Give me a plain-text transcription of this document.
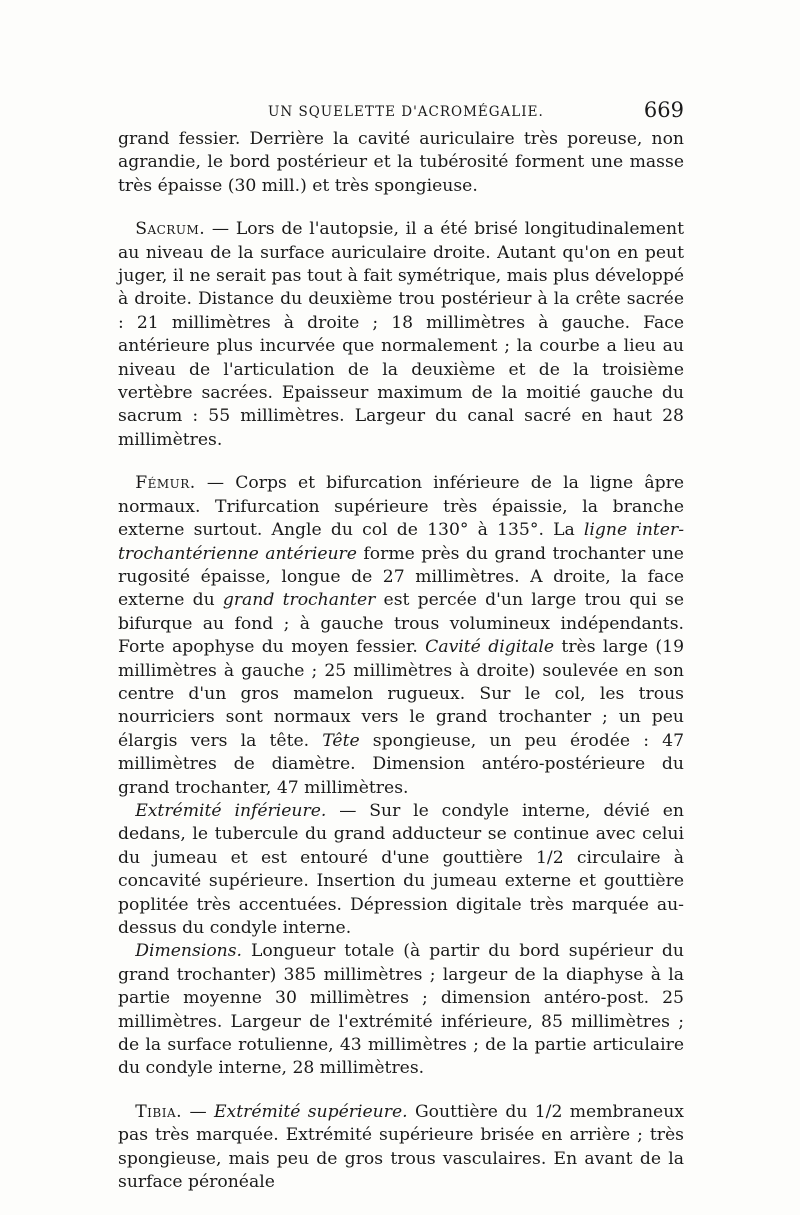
UN SQUELETTE D'ACROMÉGALIE.	669

grand fessier. Derrière la cavité auriculaire très poreuse, non agrandie, le bord postérieur et la tubérosité forment une masse très épaisse (30 mill.) et très spongieuse.

 Sacrum. — Lors de l'autopsie, il a été brisé longitudinalement au niveau de la surface auriculaire droite. Autant qu'on en peut juger, il ne serait pas tout à fait symétrique, mais plus développé à droite. Distance du deuxième trou postérieur à la crête sacrée : 21 millimètres à droite ; 18 millimètres à gauche. Face antérieure plus incurvée que normalement ; la courbe a lieu au niveau de l'articulation de la deuxième et de la troisième vertèbre sacrées. Epaisseur maximum de la moitié gauche du sacrum : 55 millimètres. Largeur du canal sacré en haut 28 millimètres.

 Fémur. — Corps et bifurcation inférieure de la ligne âpre normaux. Trifurcation supérieure très épaissie, la branche externe surtout. Angle du col de 130° à 135°. La ligne inter-trochantérienne antérieure forme près du grand trochanter une rugosité épaisse, longue de 27 millimètres. A droite, la face externe du grand trochanter est percée d'un large trou qui se bifurque au fond ; à gauche trous volumineux indépendants. Forte apophyse du moyen fessier. Cavité digitale très large (19 millimètres à gauche ; 25 millimètres à droite) soulevée en son centre d'un gros mamelon rugueux. Sur le col, les trous nourriciers sont normaux vers le grand trochanter ; un peu élargis vers la tête. Tête spongieuse, un peu érodée : 47 millimètres de diamètre. Dimension antéro-postérieure du grand trochanter, 47 millimètres.

 Extrémité inférieure. — Sur le condyle interne, dévié en dedans, le tubercule du grand adducteur se continue avec celui du jumeau et est entouré d'une gouttière 1/2 circulaire à concavité supérieure. Insertion du jumeau externe et gouttière poplitée très accentuées. Dépression digitale très marquée au-dessus du condyle interne.

 Dimensions. Longueur totale (à partir du bord supérieur du grand trochanter) 385 millimètres ; largeur de la diaphyse à la partie moyenne 30 millimètres ; dimension antéro-post. 25 millimètres. Largeur de l'extrémité inférieure, 85 millimètres ; de la surface rotulienne, 43 millimètres ; de la partie articulaire du condyle interne, 28 millimètres.

 Tibia. — Extrémité supérieure. Gouttière du 1/2 membraneux pas très marquée. Extrémité supérieure brisée en arrière ; très spongieuse, mais peu de gros trous vasculaires. En avant de la surface péronéale
